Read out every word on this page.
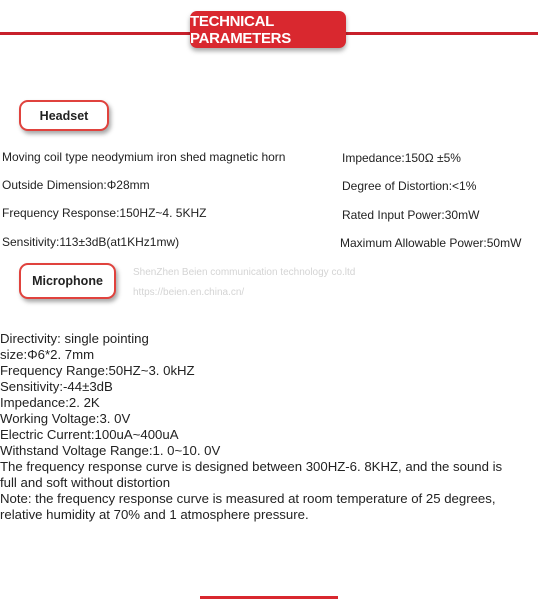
TECHNICAL PARAMETERS
Headset
Moving coil type neodymium iron shed magnetic horn
Outside Dimension:Φ28mm
Frequency Response:150HZ~4. 5KHZ
Sensitivity:113±3dB(at1KHz1mw)
Impedance:150Ω ±5%
Degree of Distortion:<1%
Rated Input Power:30mW
Maximum Allowable Power:50mW
Microphone
ShenZhen Beien communication technology co.ltd
https://beien.en.china.cn/
Directivity: single pointing
size:Φ6*2. 7mm
Frequency Range:50HZ~3. 0kHZ
Sensitivity:-44±3dB
Impedance:2. 2K
Working Voltage:3. 0V
Electric Current:100uA~400uA
Withstand Voltage Range:1. 0~10. 0V
The frequency response curve is designed between 300HZ-6. 8KHZ, and the sound is full and soft without distortion
Note: the frequency response curve is measured at room temperature of 25 degrees, relative humidity at 70% and 1 atmosphere pressure.
